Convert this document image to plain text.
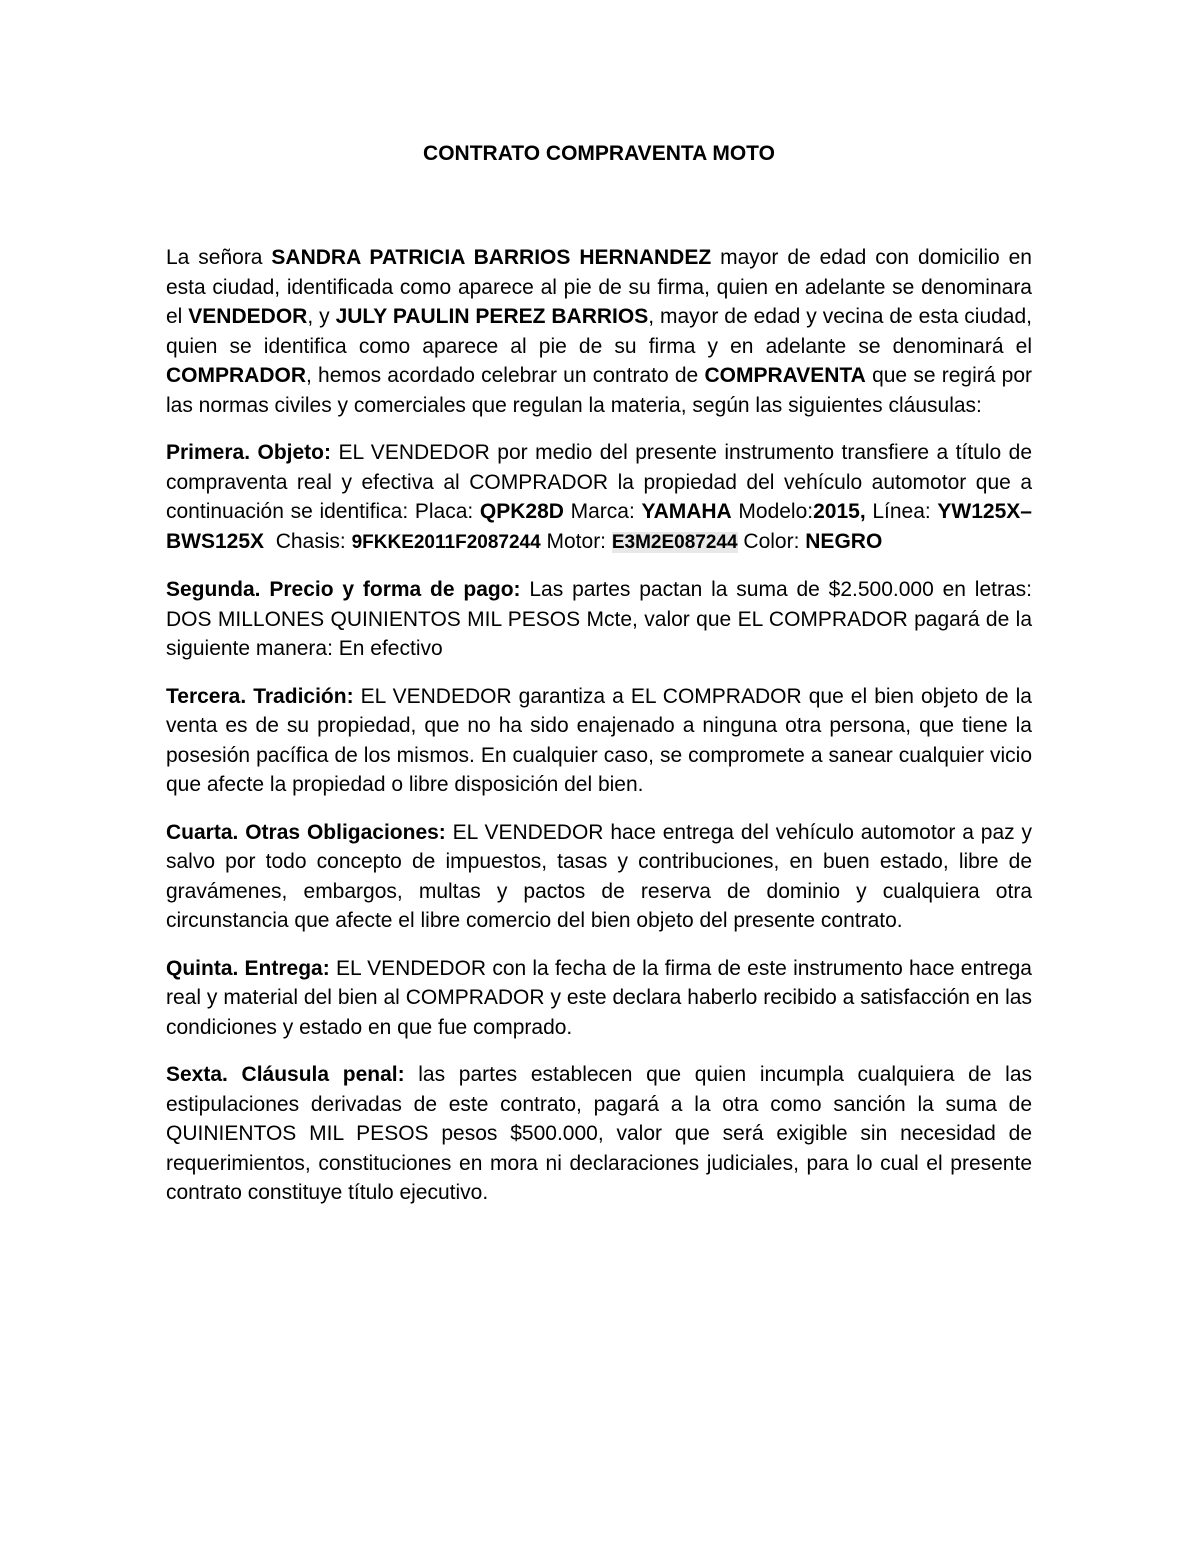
CONTRATO COMPRAVENTA MOTO

La señora SANDRA PATRICIA BARRIOS HERNANDEZ mayor de edad con domicilio en esta ciudad, identificada como aparece al pie de su firma, quien en adelante se denominara el VENDEDOR, y JULY PAULIN PEREZ BARRIOS, mayor de edad y vecina de esta ciudad, quien se identifica como aparece al pie de su firma y en adelante se denominará el COMPRADOR, hemos acordado celebrar un contrato de COMPRAVENTA que se regirá por las normas civiles y comerciales que regulan la materia, según las siguientes cláusulas:

Primera. Objeto: EL VENDEDOR por medio del presente instrumento transfiere a título de compraventa real y efectiva al COMPRADOR la propiedad del vehículo automotor que a continuación se identifica: Placa: QPK28D Marca: YAMAHA Modelo:2015, Línea: YW125X–BWS125X  Chasis: 9FKKE2011F2087244 Motor: E3M2E087244 Color: NEGRO

Segunda. Precio y forma de pago: Las partes pactan la suma de $2.500.000 en letras: DOS MILLONES QUINIENTOS MIL PESOS Mcte, valor que EL COMPRADOR pagará de la siguiente manera: En efectivo

Tercera. Tradición: EL VENDEDOR garantiza a EL COMPRADOR que el bien objeto de la venta es de su propiedad, que no ha sido enajenado a ninguna otra persona, que tiene la posesión pacífica de los mismos. En cualquier caso, se compromete a sanear cualquier vicio que afecte la propiedad o libre disposición del bien.

Cuarta. Otras Obligaciones: EL VENDEDOR hace entrega del vehículo automotor a paz y salvo por todo concepto de impuestos, tasas y contribuciones, en buen estado, libre de gravámenes, embargos, multas y pactos de reserva de dominio y cualquiera otra circunstancia que afecte el libre comercio del bien objeto del presente contrato.

Quinta. Entrega: EL VENDEDOR con la fecha de la firma de este instrumento hace entrega real y material del bien al COMPRADOR y este declara haberlo recibido a satisfacción en las condiciones y estado en que fue comprado.

Sexta. Cláusula penal: las partes establecen que quien incumpla cualquiera de las estipulaciones derivadas de este contrato, pagará a la otra como sanción la suma de QUINIENTOS MIL PESOS pesos $500.000, valor que será exigible sin necesidad de requerimientos, constituciones en mora ni declaraciones judiciales, para lo cual el presente contrato constituye título ejecutivo.
